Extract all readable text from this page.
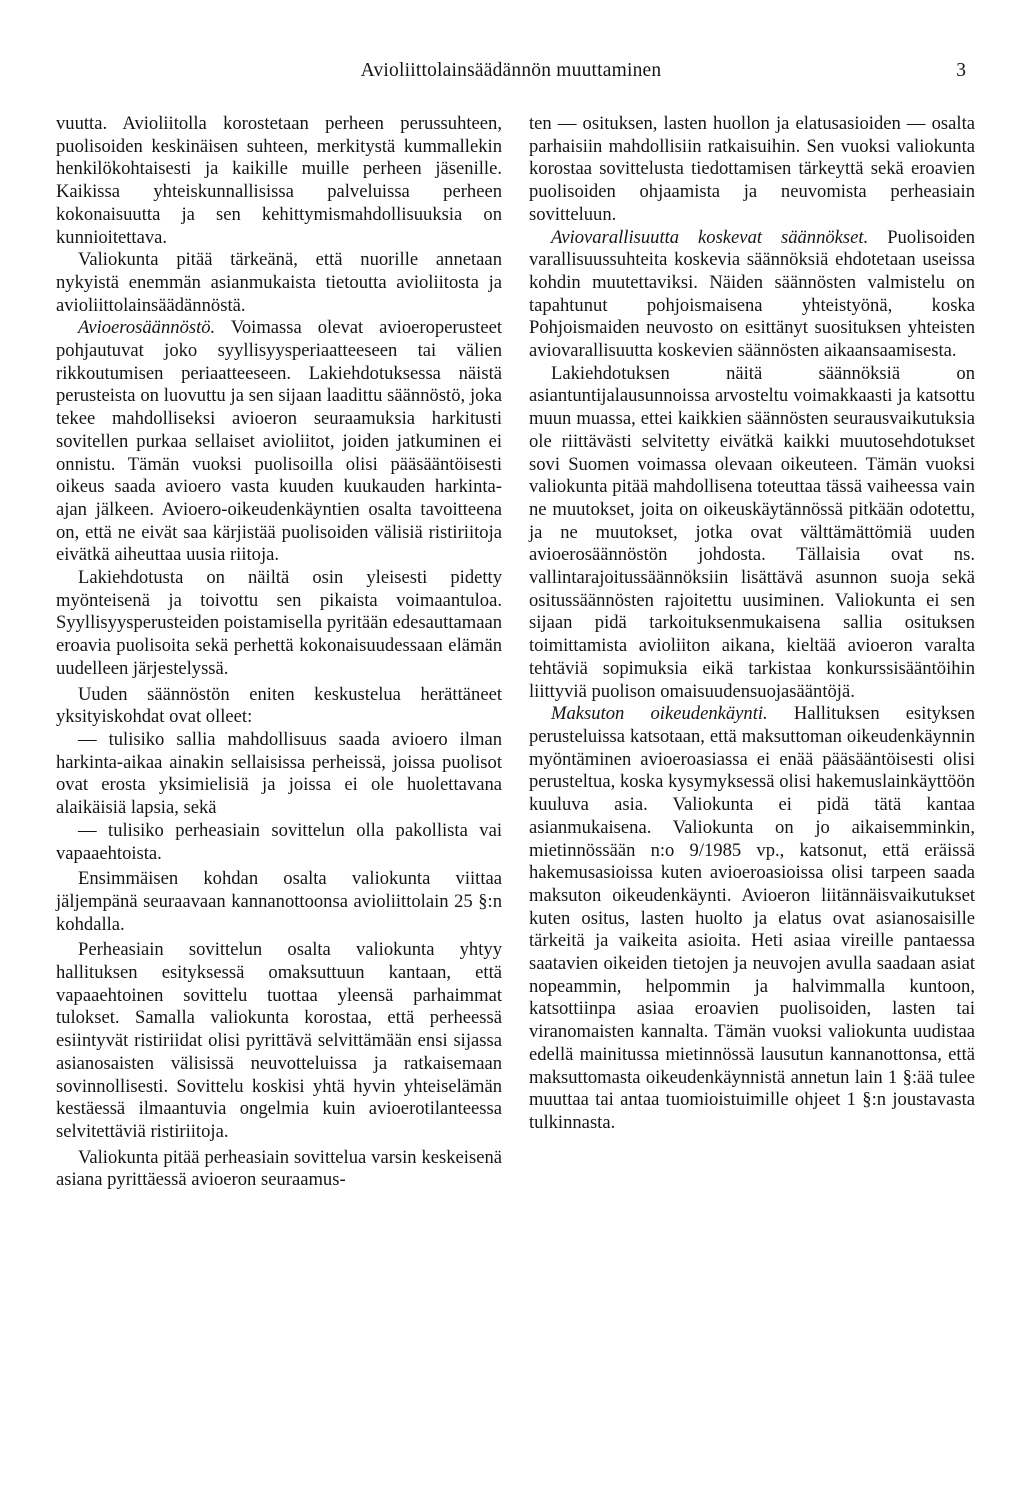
Avioliittolainsäädännön muuttaminen	3

vuutta. Avioliitolla korostetaan perheen perussuhteen, puolisoiden keskinäisen suhteen, merkitystä kummallekin henkilökohtaisesti ja kaikille muille perheen jäsenille. Kaikissa yhteiskunnallisissa palveluissa perheen kokonaisuutta ja sen kehittymismahdollisuuksia on kunnioitettava.

Valiokunta pitää tärkeänä, että nuorille annetaan nykyistä enemmän asianmukaista tietoutta avioliitosta ja avioliittolainsäädännöstä.

Avioerosäännöstö. Voimassa olevat avioeroperusteet pohjautuvat joko syyllisyysperiaatteeseen tai välien rikkoutumisen periaatteeseen. Lakiehdotuksessa näistä perusteista on luovuttu ja sen sijaan laadittu säännöstö, joka tekee mahdolliseksi avioeron seuraamuksia harkitusti sovitellen purkaa sellaiset avioliitot, joiden jatkuminen ei onnistu. Tämän vuoksi puolisoilla olisi pääsääntöisesti oikeus saada avioero vasta kuuden kuukauden harkinta-ajan jälkeen. Avioero-oikeudenkäyntien osalta tavoitteena on, että ne eivät saa kärjistää puolisoiden välisiä ristiriitoja eivätkä aiheuttaa uusia riitoja.

Lakiehdotusta on näiltä osin yleisesti pidetty myönteisenä ja toivottu sen pikaista voimaantuloa. Syyllisyysperusteiden poistamisella pyritään edesauttamaan eroavia puolisoita sekä perhettä kokonaisuudessaan elämän uudelleen järjestelyssä.

Uuden säännöstön eniten keskustelua herättäneet yksityiskohdat ovat olleet:

— tulisiko sallia mahdollisuus saada avioero ilman harkinta-aikaa ainakin sellaisissa perheissä, joissa puolisot ovat erosta yksimielisiä ja joissa ei ole huolettavana alaikäisiä lapsia, sekä

— tulisiko perheasiain sovittelun olla pakollista vai vapaaehtoista.

Ensimmäisen kohdan osalta valiokunta viittaa jäljempänä seuraavaan kannanottoonsa avioliittolain 25 §:n kohdalla.

Perheasiain sovittelun osalta valiokunta yhtyy hallituksen esityksessä omaksuttuun kantaan, että vapaaehtoinen sovittelu tuottaa yleensä parhaimmat tulokset. Samalla valiokunta korostaa, että perheessä esiintyvät ristiriidat olisi pyrittävä selvittämään ensi sijassa asianosaisten välisissä neuvotteluissa ja ratkaisemaan sovinnollisesti. Sovittelu koskisi yhtä hyvin yhteiselämän kestäessä ilmaantuvia ongelmia kuin avioerotilanteessa selvitettäviä ristiriitoja.

Valiokunta pitää perheasiain sovittelua varsin keskeisenä asiana pyrittäessä avioeron seuraamus-

ten — osituksen, lasten huollon ja elatusasioiden — osalta parhaisiin mahdollisiin ratkaisuihin. Sen vuoksi valiokunta korostaa sovittelusta tiedottamisen tärkeyttä sekä eroavien puolisoiden ohjaamista ja neuvomista perheasiain sovitteluun.

Aviovarallisuutta koskevat säännökset. Puolisoiden varallisuussuhteita koskevia säännöksiä ehdotetaan useissa kohdin muutettaviksi. Näiden säännösten valmistelu on tapahtunut pohjoismaisena yhteistyönä, koska Pohjoismaiden neuvosto on esittänyt suosituksen yhteisten aviovarallisuutta koskevien säännösten aikaansaamisesta.

Lakiehdotuksen näitä säännöksiä on asiantuntijalausunnoissa arvosteltu voimakkaasti ja katsottu muun muassa, ettei kaikkien säännösten seurausvaikutuksia ole riittävästi selvitetty eivätkä kaikki muutosehdotukset sovi Suomen voimassa olevaan oikeuteen. Tämän vuoksi valiokunta pitää mahdollisena toteuttaa tässä vaiheessa vain ne muutokset, joita on oikeuskäytännössä pitkään odotettu, ja ne muutokset, jotka ovat välttämättömiä uuden avioerosäännöstön johdosta. Tällaisia ovat ns. vallintarajoitussäännöksiin lisättävä asunnon suoja sekä ositussäännösten rajoitettu uusiminen. Valiokunta ei sen sijaan pidä tarkoituksenmukaisena sallia osituksen toimittamista avioliiton aikana, kieltää avioeron varalta tehtäviä sopimuksia eikä tarkistaa konkurssisääntöihin liittyviä puolison omaisuudensuojasääntöjä.

Maksuton oikeudenkäynti. Hallituksen esityksen perusteluissa katsotaan, että maksuttoman oikeudenkäynnin myöntäminen avioeroasiassa ei enää pääsääntöisesti olisi perusteltua, koska kysymyksessä olisi hakemuslainkäyttöön kuuluva asia. Valiokunta ei pidä tätä kantaa asianmukaisena. Valiokunta on jo aikaisemminkin, mietinnössään n:o 9/1985 vp., katsonut, että eräissä hakemusasioissa kuten avioeroasioissa olisi tarpeen saada maksuton oikeudenkäynti. Avioeron liitännäisvaikutukset kuten ositus, lasten huolto ja elatus ovat asianosaisille tärkeitä ja vaikeita asioita. Heti asiaa vireille pantaessa saatavien oikeiden tietojen ja neuvojen avulla saadaan asiat nopeammin, helpommin ja halvimmalla kuntoon, katsottiinpa asiaa eroavien puolisoiden, lasten tai viranomaisten kannalta. Tämän vuoksi valiokunta uudistaa edellä mainitussa mietinnössä lausutun kannanottonsa, että maksuttomasta oikeudenkäynnistä annetun lain 1 §:ää tulee muuttaa tai antaa tuomioistuimille ohjeet 1 §:n joustavasta tulkinnasta.
